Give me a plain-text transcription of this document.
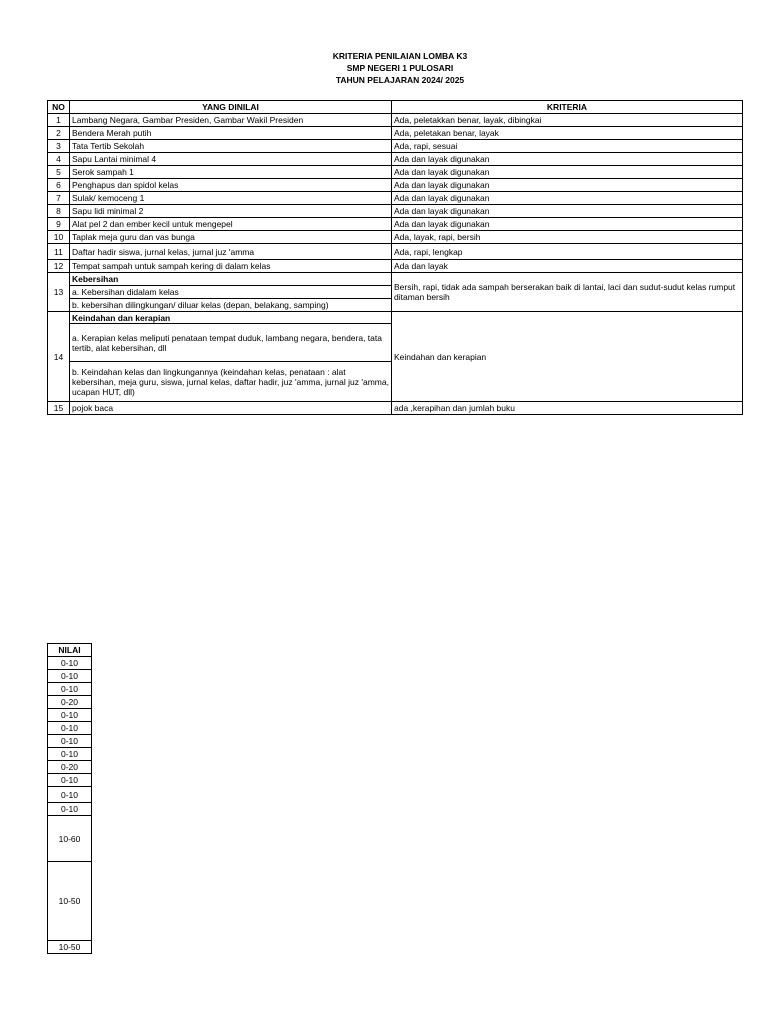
KRITERIA PENILAIAN LOMBA K3
SMP NEGERI 1 PULOSARI
TAHUN PELAJARAN 2024/ 2025
NO	YANG DINILAI	KRITERIA
1	Lambang Negara, Gambar Presiden, Gambar Wakil Presiden	Ada, peletakkan benar, layak, dibingkai
2	Bendera Merah putih	Ada, peletakan benar, layak
3	Tata Tertib Sekolah	Ada, rapi, sesuai
4	Sapu Lantai minimal 4	Ada dan layak digunakan
5	Serok sampah 1	Ada dan layak digunakan
6	Penghapus dan spidol kelas	Ada dan layak digunakan
7	Sulak/ kemoceng 1	Ada dan layak digunakan
8	Sapu lidi minimal 2	Ada dan layak digunakan
9	Alat pel 2 dan ember kecil untuk mengepel	Ada dan layak digunakan
10	Taplak meja guru dan vas bunga	Ada, layak, rapi, bersih
11	Daftar hadir siswa, jurnal kelas, jurnal juz 'amma	Ada, rapi, lengkap
12	Tempat sampah untuk sampah kering di dalam kelas	Ada dan layak
13	Kebersihan	Bersih, rapi, tidak ada sampah berserakan baik di lantai, laci dan sudut-sudut kelas rumput ditaman bersih
	a. Kebersihan didalam kelas	
	b. kebersihan dilingkungan/ diluar kelas (depan, belakang, samping)	
14	Keindahan dan kerapian	Keindahan dan kerapian
	a. Kerapian kelas meliputi penataan tempat duduk, lambang negara, bendera, tata tertib, alat kebersihan, dll	
	b. Keindahan kelas dan lingkungannya (keindahan kelas, penataan : alat kebersihan, meja guru, siswa, jurnal kelas, daftar hadir, juz 'amma, jurnal juz 'amma, ucapan HUT, dll)	
15	pojok baca	ada ,kerapihan dan jumlah buku
NILAI
0-10
0-10
0-10
0-20
0-10
0-10
0-10
0-10
0-20
0-10
0-10
0-10
10-60
10-50
10-50
